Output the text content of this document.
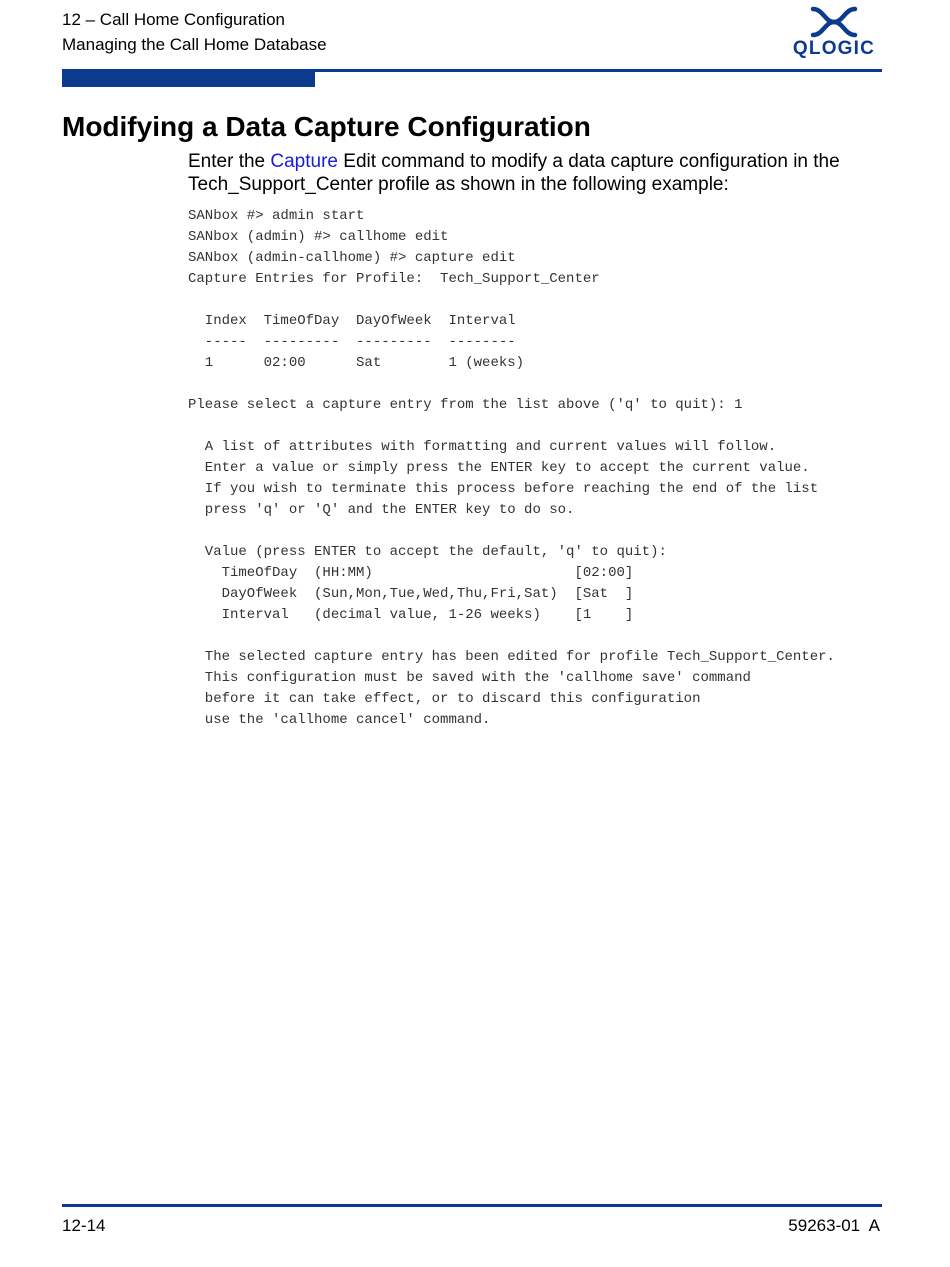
12 – Call Home Configuration
Managing the Call Home Database	QLOGIC
Modifying a Data Capture Configuration

Enter the Capture Edit command to modify a data capture configuration in the Tech_Support_Center profile as shown in the following example:

SANbox #> admin start
SANbox (admin) #> callhome edit
SANbox (admin-callhome) #> capture edit
Capture Entries for Profile:  Tech_Support_Center

Index  TimeOfDay  DayOfWeek  Interval
-----  ---------  ---------  --------
1      02:00      Sat        1 (weeks)

Please select a capture entry from the list above ('q' to quit): 1

A list of attributes with formatting and current values will follow.
Enter a value or simply press the ENTER key to accept the current value.
If you wish to terminate this process before reaching the end of the list
press 'q' or 'Q' and the ENTER key to do so.

Value (press ENTER to accept the default, 'q' to quit):
TimeOfDay  (HH:MM)                        [02:00]
DayOfWeek  (Sun,Mon,Tue,Wed,Thu,Fri,Sat)  [Sat  ]
Interval   (decimal value, 1-26 weeks)    [1    ]

The selected capture entry has been edited for profile Tech_Support_Center.
This configuration must be saved with the 'callhome save' command
before it can take effect, or to discard this configuration
use the 'callhome cancel' command.
12-14	59263-01  A
